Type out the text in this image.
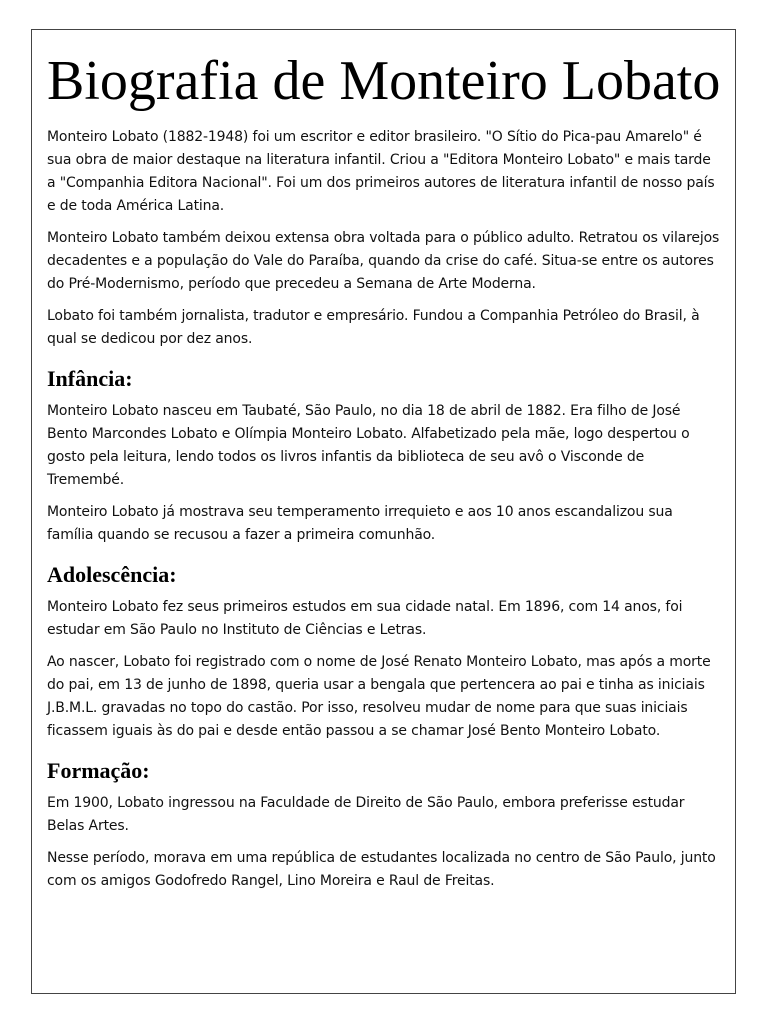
Biografia de Monteiro Lobato

Monteiro Lobato (1882-1948) foi um escritor e editor brasileiro. "O Sítio do Pica-pau Amarelo" é sua obra de maior destaque na literatura infantil. Criou a "Editora Monteiro Lobato" e mais tarde a "Companhia Editora Nacional". Foi um dos primeiros autores de literatura infantil de nosso país e de toda América Latina.

Monteiro Lobato também deixou extensa obra voltada para o público adulto. Retratou os vilarejos decadentes e a população do Vale do Paraíba, quando da crise do café. Situa-se entre os autores do Pré-Modernismo, período que precedeu a Semana de Arte Moderna.

Lobato foi também jornalista, tradutor e empresário. Fundou a Companhia Petróleo do Brasil, à qual se dedicou por dez anos.

Infância:

Monteiro Lobato nasceu em Taubaté, São Paulo, no dia 18 de abril de 1882. Era filho de José Bento Marcondes Lobato e Olímpia Monteiro Lobato. Alfabetizado pela mãe, logo despertou o gosto pela leitura, lendo todos os livros infantis da biblioteca de seu avô o Visconde de Tremembé.

Monteiro Lobato já mostrava seu temperamento irrequieto e aos 10 anos escandalizou sua família quando se recusou a fazer a primeira comunhão.

Adolescência:

Monteiro Lobato fez seus primeiros estudos em sua cidade natal. Em 1896, com 14 anos, foi estudar em São Paulo no Instituto de Ciências e Letras.

Ao nascer, Lobato foi registrado com o nome de José Renato Monteiro Lobato, mas após a morte do pai, em 13 de junho de 1898, queria usar a bengala que pertencera ao pai e tinha as iniciais J.B.M.L. gravadas no topo do castão. Por isso, resolveu mudar de nome para que suas iniciais ficassem iguais às do pai e desde então passou a se chamar José Bento Monteiro Lobato.

Formação:

Em 1900, Lobato ingressou na Faculdade de Direito de São Paulo, embora preferisse estudar Belas Artes.

Nesse período, morava em uma república de estudantes localizada no centro de São Paulo, junto com os amigos Godofredo Rangel, Lino Moreira e Raul de Freitas.
